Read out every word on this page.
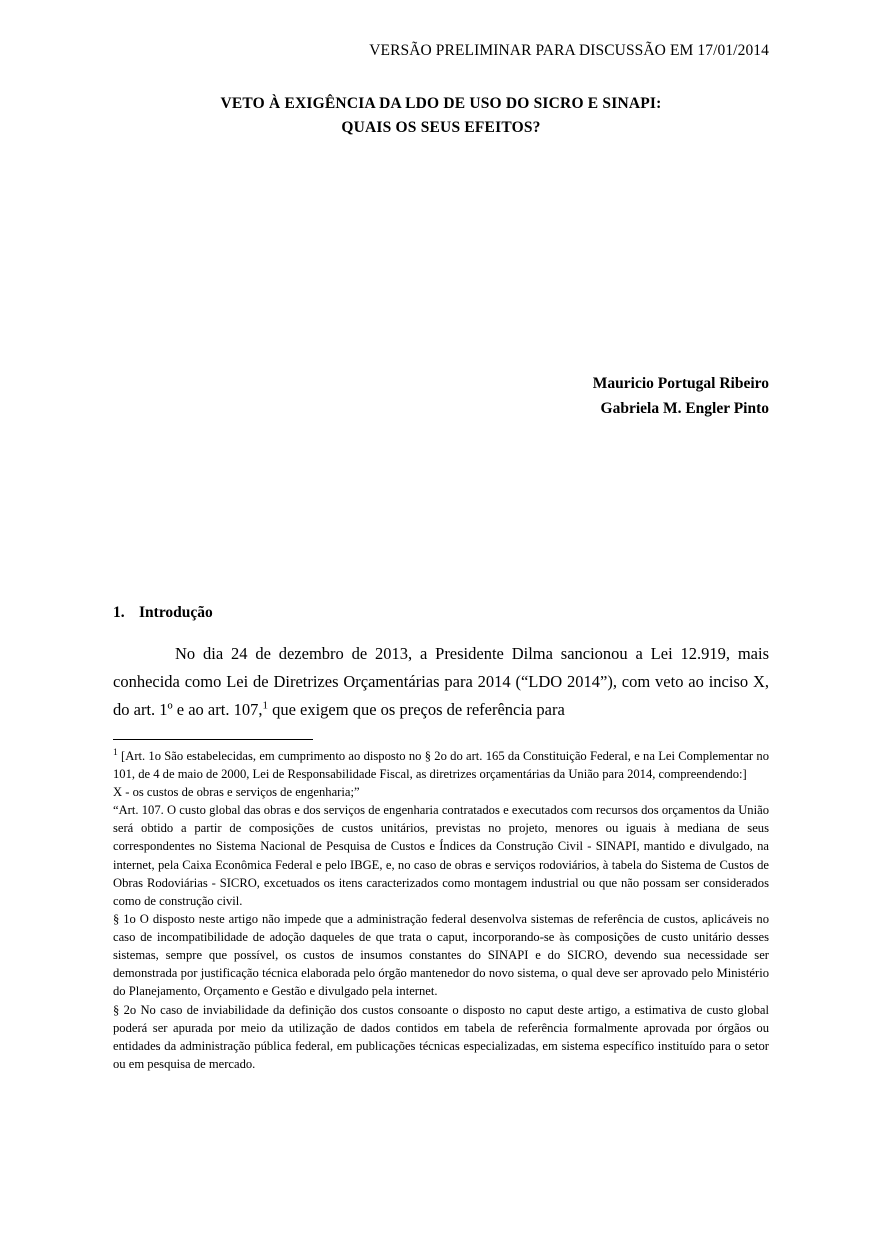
VERSÃO PRELIMINAR PARA DISCUSSÃO EM 17/01/2014
VETO À EXIGÊNCIA DA LDO DE USO DO SICRO E SINAPI:
QUAIS OS SEUS EFEITOS?
Mauricio Portugal Ribeiro
Gabriela M. Engler Pinto
1. Introdução
No dia 24 de dezembro de 2013, a Presidente Dilma sancionou a Lei 12.919, mais conhecida como Lei de Diretrizes Orçamentárias para 2014 (“LDO 2014”), com veto ao inciso X, do art. 1º e ao art. 107,$^1$ que exigem que os preços de referência para

$^1$ [Art. 1o São estabelecidas, em cumprimento ao disposto no § 2o do art. 165 da Constituição Federal, e na Lei Complementar no 101, de 4 de maio de 2000, Lei de Responsabilidade Fiscal, as diretrizes orçamentárias da União para 2014, compreendendo:]

X - os custos de obras e serviços de engenharia;”

“Art. 107. O custo global das obras e dos serviços de engenharia contratados e executados com recursos dos orçamentos da União será obtido a partir de composições de custos unitários, previstas no projeto, menores ou iguais à mediana de seus correspondentes no Sistema Nacional de Pesquisa de Custos e Índices da Construção Civil - SINAPI, mantido e divulgado, na internet, pela Caixa Econômica Federal e pelo IBGE, e, no caso de obras e serviços rodoviários, à tabela do Sistema de Custos de Obras Rodoviárias - SICRO, excetuados os itens caracterizados como montagem industrial ou que não possam ser considerados como de construção civil.

§ 1o O disposto neste artigo não impede que a administração federal desenvolva sistemas de referência de custos, aplicáveis no caso de incompatibilidade de adoção daqueles de que trata o caput, incorporando-se às composições de custo unitário desses sistemas, sempre que possível, os custos de insumos constantes do SINAPI e do SICRO, devendo sua necessidade ser demonstrada por justificação técnica elaborada pelo órgão mantenedor do novo sistema, o qual deve ser aprovado pelo Ministério do Planejamento, Orçamento e Gestão e divulgado pela internet.

§ 2o No caso de inviabilidade da definição dos custos consoante o disposto no caput deste artigo, a estimativa de custo global poderá ser apurada por meio da utilização de dados contidos em tabela de referência formalmente aprovada por órgãos ou entidades da administração pública federal, em publicações técnicas especializadas, em sistema específico instituído para o setor ou em pesquisa de mercado.
